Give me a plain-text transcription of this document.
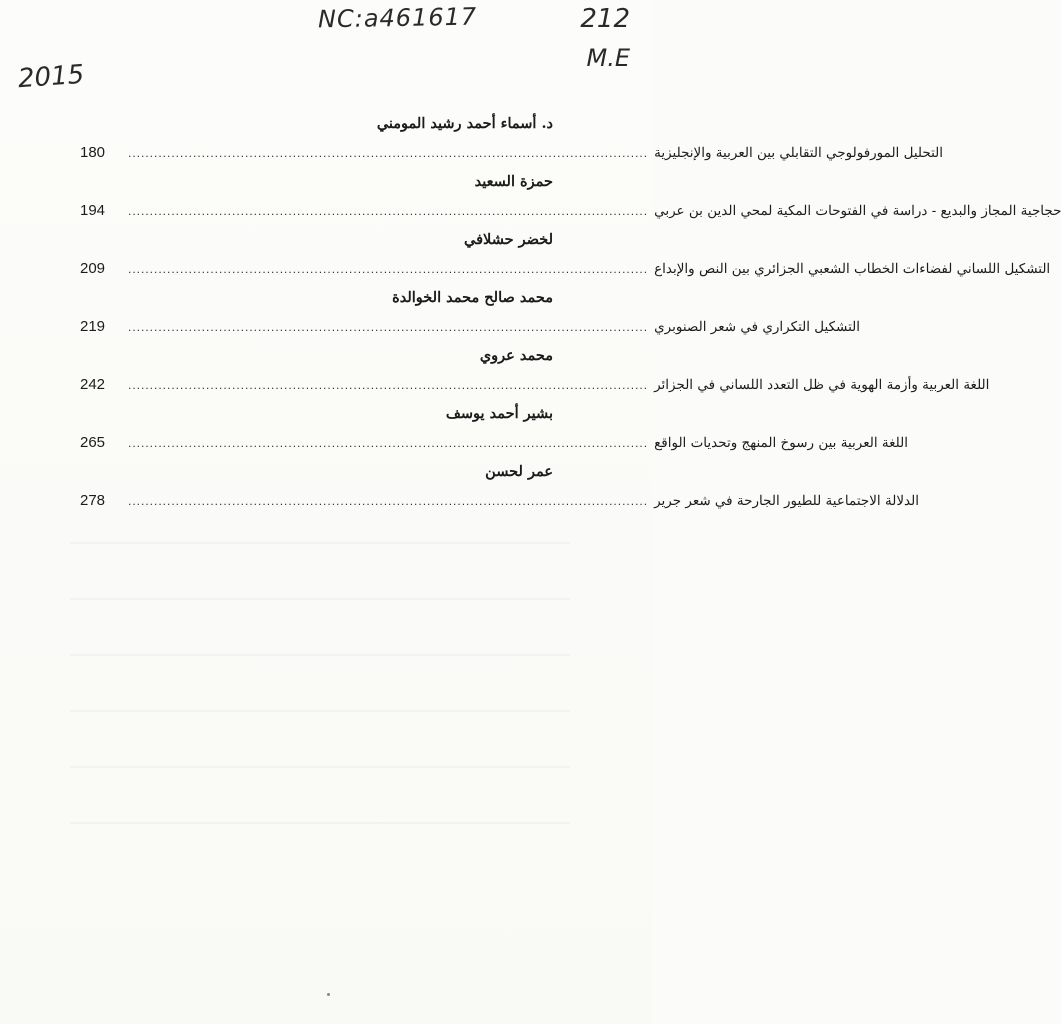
NC:a461617
2015
212
M.E
د. أسماء أحمد رشيد المومني
180	........................................................................................................................ التحليل المورفولوجي التقابلي بين العربية والإنجليزية
حمزة السعيد
194	........................................................................................................................ حجاجية المجاز والبديع - دراسة في الفتوحات المكية لمحي الدين بن عربي
لخضر حشلافي
209	........................................................................................................................ التشكيل اللساني لفضاءات الخطاب الشعبي الجزائري بين النص والإبداع
محمد صالح محمد الخوالدة
219	........................................................................................................................ التشكيل التكراري في شعر الصنوبري
محمد عروي
242	........................................................................................................................ اللغة العربية وأزمة الهوية في ظل التعدد اللساني في الجزائر
بشير أحمد يوسف
265	........................................................................................................................ اللغة العربية بين رسوخ المنهج وتحديات الواقع
عمر لحسن
278	........................................................................................................................ الدلالة الاجتماعية للطيور الجارحة في شعر جرير
